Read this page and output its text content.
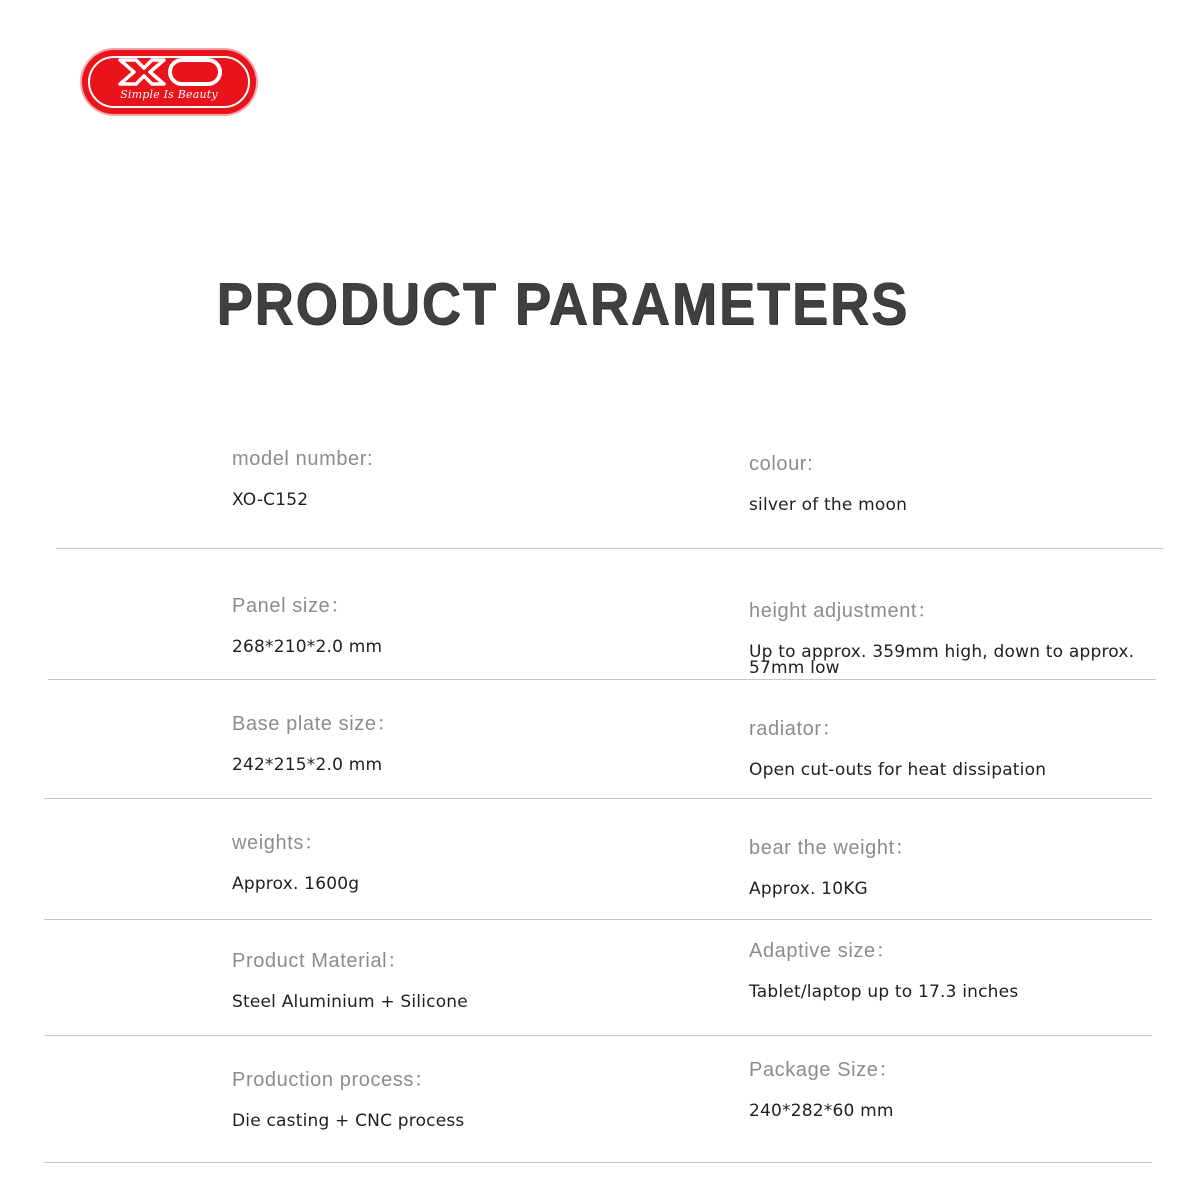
Simple Is Beauty
PRODUCT PARAMETERS
model number:
XO-C152
colour:
silver of the moon
Panel size：
268*210*2.0 mm
height adjustment：
Up to approx. 359mm high, down to approx. 57mm low
Base plate size：
242*215*2.0 mm
radiator：
Open cut-outs for heat dissipation
weights：
Approx. 1600g
bear the weight：
Approx. 10KG
Product Material：
Steel Aluminium + Silicone
Adaptive size：
Tablet/laptop up to 17.3 inches
Production process：
Die casting + CNC process
Package Size：
240*282*60 mm
